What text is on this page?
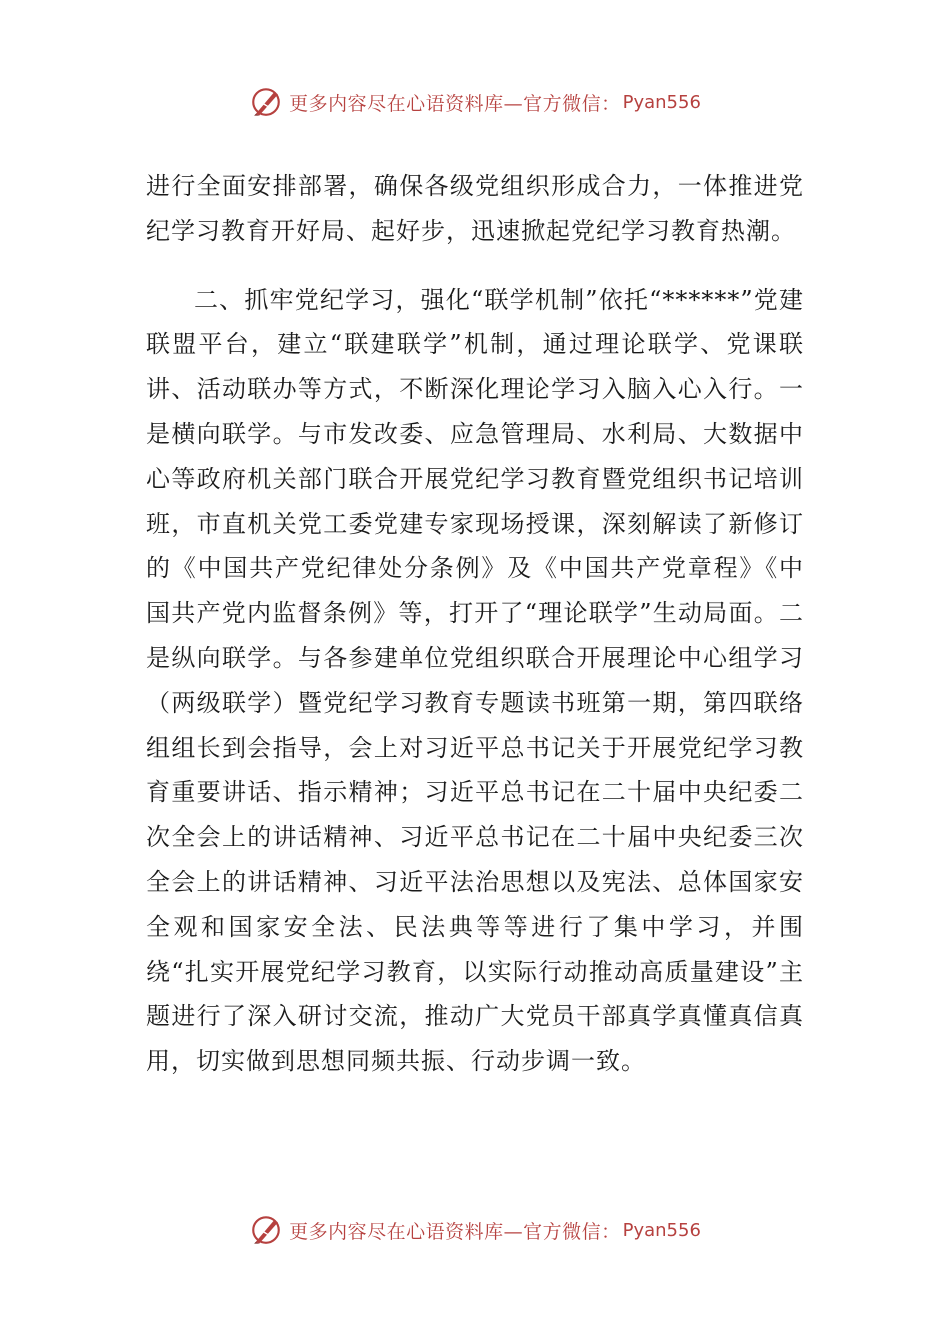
更多内容尽在心语资料库—官方微信： Pyan556

进行全面安排部署，确保各级党组织形成合力，一体推进党纪学习教育开好局、起好步，迅速掀起党纪学习教育热潮。

二、抓牢党纪学习，强化“联学机制”依托“******”党建联盟平台，建立“联建联学”机制，通过理论联学、党课联讲、活动联办等方式，不断深化理论学习入脑入心入行。一是横向联学。与市发改委、应急管理局、水利局、大数据中心等政府机关部门联合开展党纪学习教育暨党组织书记培训班，市直机关党工委党建专家现场授课，深刻解读了新修订的《中国共产党纪律处分条例》及《中国共产党章程》《中国共产党内监督条例》等，打开了“理论联学”生动局面。二是纵向联学。与各参建单位党组织联合开展理论中心组学习（两级联学）暨党纪学习教育专题读书班第一期，第四联络组组长到会指导，会上对习近平总书记关于开展党纪学习教育重要讲话、指示精神；习近平总书记在二十届中央纪委二次全会上的讲话精神、习近平总书记在二十届中央纪委三次全会上的讲话精神、习近平法治思想以及宪法、总体国家安全观和国家安全法、民法典等等进行了集中学习，并围绕“扎实开展党纪学习教育，以实际行动推动高质量建设”主题进行了深入研讨交流，推动广大党员干部真学真懂真信真用，切实做到思想同频共振、行动步调一致。

更多内容尽在心语资料库—官方微信： Pyan556
